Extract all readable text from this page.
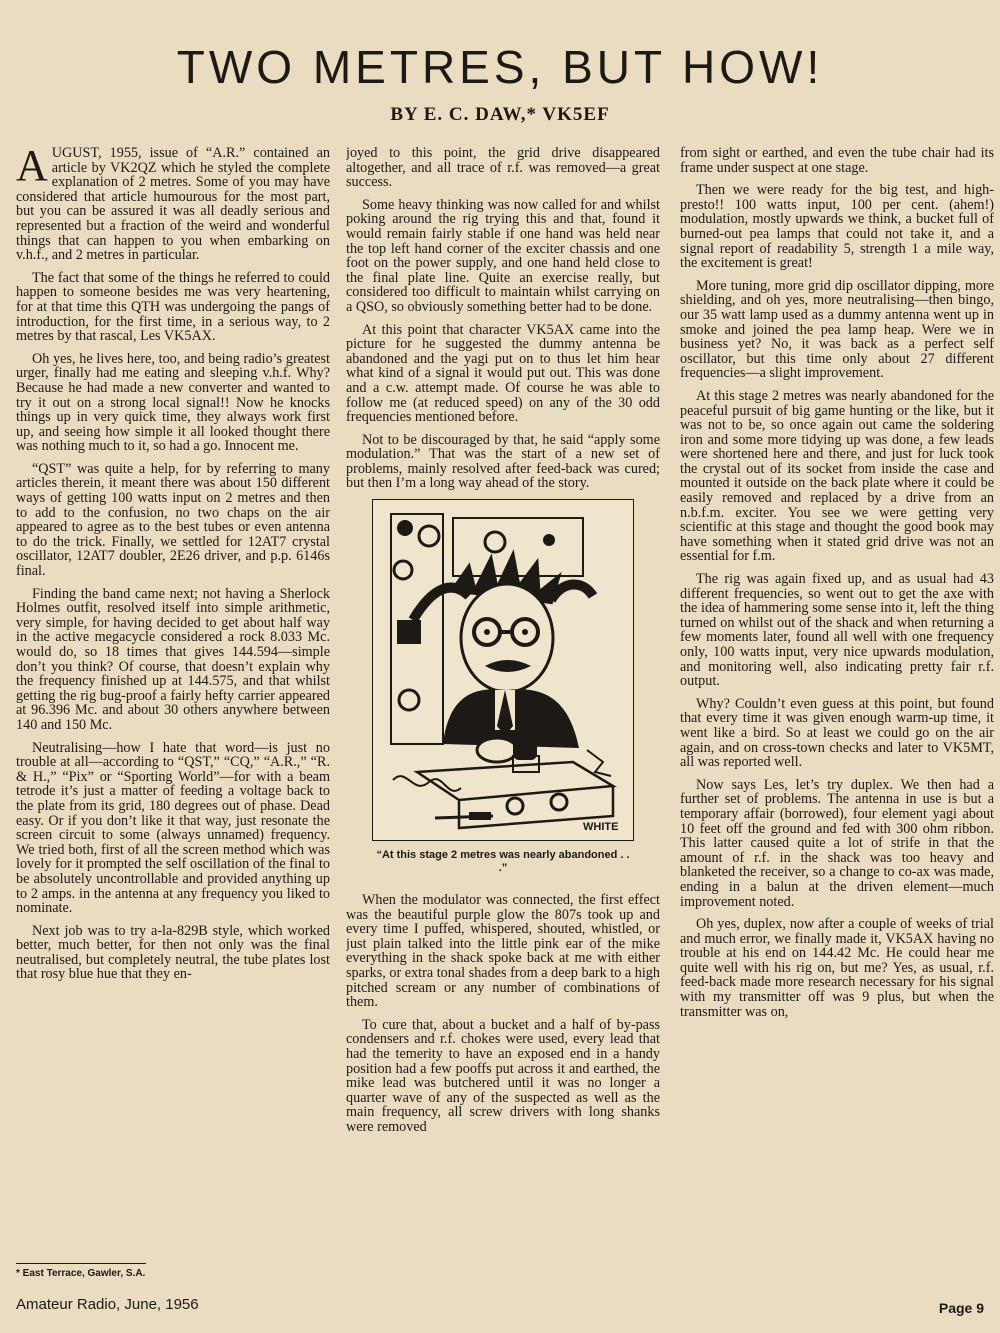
TWO METRES, BUT HOW!
BY E. C. DAW,* VK5EF

AUGUST, 1955, issue of “A.R.” contained an article by VK2QZ which he styled the complete explanation of 2 metres. Some of you may have considered that article humourous for the most part, but you can be assured it was all deadly serious and represented but a fraction of the weird and wonderful things that can happen to you when embarking on v.h.f., and 2 metres in particular.

The fact that some of the things he referred to could happen to someone besides me was very heartening, for at that time this QTH was undergoing the pangs of introduction, for the first time, in a serious way, to 2 metres by that rascal, Les VK5AX.

Oh yes, he lives here, too, and being radio’s greatest urger, finally had me eating and sleeping v.h.f. Why? Because he had made a new converter and wanted to try it out on a strong local signal!! Now he knocks things up in very quick time, they always work first up, and seeing how simple it all looked thought there was nothing much to it, so had a go. Innocent me.

“QST” was quite a help, for by referring to many articles therein, it meant there was about 150 different ways of getting 100 watts input on 2 metres and then to add to the confusion, no two chaps on the air appeared to agree as to the best tubes or even antenna to do the trick. Finally, we settled for 12AT7 crystal oscillator, 12AT7 doubler, 2E26 driver, and p.p. 6146s final.

Finding the band came next; not having a Sherlock Holmes outfit, resolved itself into simple arithmetic, very simple, for having decided to get about half way in the active megacycle considered a rock 8.033 Mc. would do, so 18 times that gives 144.594—simple don’t you think? Of course, that doesn’t explain why the frequency finished up at 144.575, and that whilst getting the rig bug-proof a fairly hefty carrier appeared at 96.396 Mc. and about 30 others anywhere between 140 and 150 Mc.

Neutralising—how I hate that word—is just no trouble at all—according to “QST,” “CQ,” “A.R.,” “R. & H.,” “Pix” or “Sporting World”—for with a beam tetrode it’s just a matter of feeding a voltage back to the plate from its grid, 180 degrees out of phase. Dead easy. Or if you don’t like it that way, just resonate the screen circuit to some (always unnamed) frequency. We tried both, first of all the screen method which was lovely for it prompted the self oscillation of the final to be absolutely uncontrollable and provided anything up to 2 amps. in the antenna at any frequency you liked to nominate.

Next job was to try a-la-829B style, which worked better, much better, for then not only was the final neutralised, but completely neutral, the tube plates lost that rosy blue hue that they en-

joyed to this point, the grid drive disappeared altogether, and all trace of r.f. was removed—a great success.

Some heavy thinking was now called for and whilst poking around the rig trying this and that, found it would remain fairly stable if one hand was held near the top left hand corner of the exciter chassis and one foot on the power supply, and one hand held close to the final plate line. Quite an exercise really, but considered too difficult to maintain whilst carrying on a QSO, so obviously something better had to be done.

At this point that character VK5AX came into the picture for he suggested the dummy antenna be abandoned and the yagi put on to thus let him hear what kind of a signal it would put out. This was done and a c.w. attempt made. Of course he was able to follow me (at reduced speed) on any of the 30 odd frequencies mentioned before.

Not to be discouraged by that, he said “apply some modulation.” That was the start of a new set of problems, mainly resolved after feed-back was cured; but then I’m a long way ahead of the story.

WHITE
“At this stage 2 metres was nearly abandoned . . .”

When the modulator was connected, the first effect was the beautiful purple glow the 807s took up and every time I puffed, whispered, shouted, whistled, or just plain talked into the little pink ear of the mike everything in the shack spoke back at me with either sparks, or extra tonal shades from a deep bark to a high pitched scream or any number of combinations of them.

To cure that, about a bucket and a half of by-pass condensers and r.f. chokes were used, every lead that had the temerity to have an exposed end in a handy position had a few pooffs put across it and earthed, the mike lead was butchered until it was no longer a quarter wave of any of the suspected as well as the main frequency, all screw drivers with long shanks were removed

from sight or earthed, and even the tube chair had its frame under suspect at one stage.

Then we were ready for the big test, and high-presto!! 100 watts input, 100 per cent. (ahem!) modulation, mostly upwards we think, a bucket full of burned-out pea lamps that could not take it, and a signal report of readability 5, strength 1 a mile way, the excitement is great!

More tuning, more grid dip oscillator dipping, more shielding, and oh yes, more neutralising—then bingo, our 35 watt lamp used as a dummy antenna went up in smoke and joined the pea lamp heap. Were we in business yet? No, it was back as a perfect self oscillator, but this time only about 27 different frequencies—a slight improvement.

At this stage 2 metres was nearly abandoned for the peaceful pursuit of big game hunting or the like, but it was not to be, so once again out came the soldering iron and some more tidying up was done, a few leads were shortened here and there, and just for luck took the crystal out of its socket from inside the case and mounted it outside on the back plate where it could be easily removed and replaced by a drive from an n.b.f.m. exciter. You see we were getting very scientific at this stage and thought the good book may have something when it stated grid drive was not an essential for f.m.

The rig was again fixed up, and as usual had 43 different frequencies, so went out to get the axe with the idea of hammering some sense into it, left the thing turned on whilst out of the shack and when returning a few moments later, found all well with one frequency only, 100 watts input, very nice upwards modulation, and monitoring well, also indicating pretty fair r.f. output.

Why? Couldn’t even guess at this point, but found that every time it was given enough warm-up time, it went like a bird. So at least we could go on the air again, and on cross-town checks and later to VK5MT, all was reported well.

Now says Les, let’s try duplex. We then had a further set of problems. The antenna in use is but a temporary affair (borrowed), four element yagi about 10 feet off the ground and fed with 300 ohm ribbon. This latter caused quite a lot of strife in that the amount of r.f. in the shack was too heavy and blanketed the receiver, so a change to co-ax was made, ending in a balun at the driven element—much improvement noted.

Oh yes, duplex, now after a couple of weeks of trial and much error, we finally made it, VK5AX having no trouble at his end on 144.42 Mc. He could hear me quite well with his rig on, but me? Yes, as usual, r.f. feed-back made more research necessary for his signal with my transmitter off was 9 plus, but when the transmitter was on,

* East Terrace, Gawler, S.A.
Amateur Radio, June, 1956	Page 9
